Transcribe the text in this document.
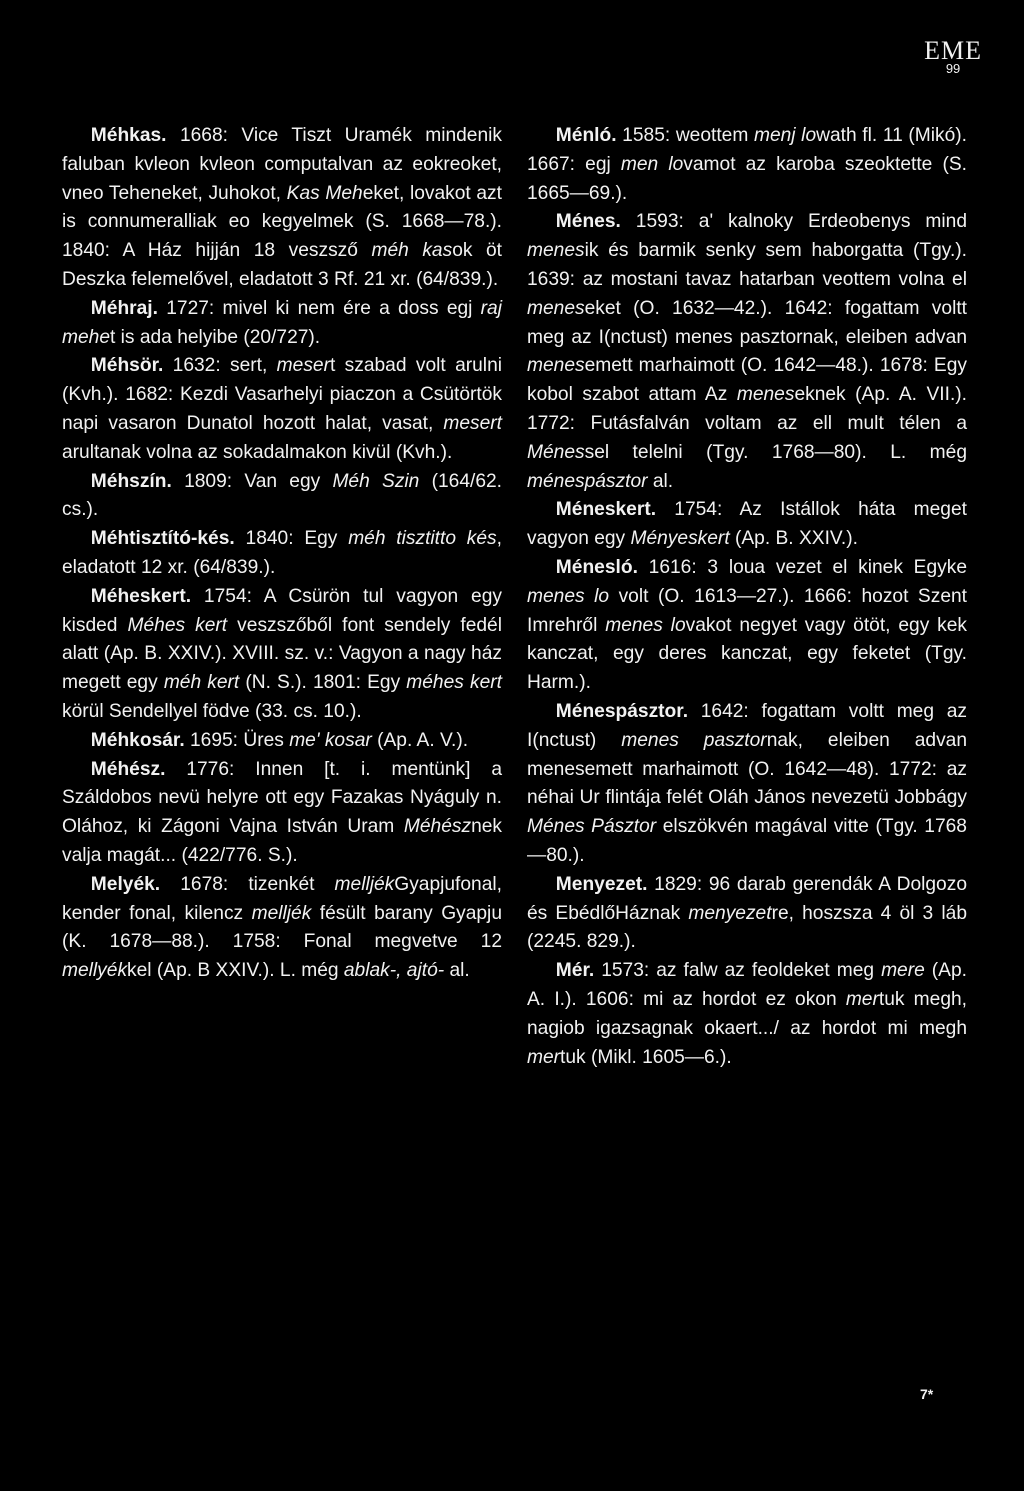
EME
99

Méhkas. 1668: Vice Tiszt Uramék mindenik faluban kvleon kvleon computalvan az eokreoket, vneo Teheneket, Juhokot, Kas Meheket, lovakot azt is connumeralliak eo kegyelmek (S. 1668—78.). 1840: A Ház hijján 18 veszsző méh kasok öt Deszka felemelővel, eladatott 3 Rf. 21 xr. (64/839.).

Méhraj. 1727: mivel ki nem ére a doss egj raj mehet is ada helyibe (20/727).

Méhsör. 1632: sert, mesert szabad volt arulni (Kvh.). 1682: Kezdi Vasarhelyi piaczon a Csütörtök napi vasaron Dunatol hozott halat, vasat, mesert arultanak volna az sokadalmakon kivül (Kvh.).

Méhszín. 1809: Van egy Méh Szin (164/62. cs.).

Méhtisztító-kés. 1840: Egy méh tisztitto kés, eladatott 12 xr. (64/839.).

Méheskert. 1754: A Csürön tul vagyon egy kisded Méhes kert veszszőből font sendely fedél alatt (Ap. B. XXIV.). XVIII. sz. v.: Vagyon a nagy ház megett egy méh kert (N. S.). 1801: Egy méhes kert körül Sendellyel födve (33. cs. 10.).

Méhkosár. 1695: Üres me' kosar (Ap. A. V.).

Méhész. 1776: Innen [t. i. mentünk] a Száldobos nevü helyre ott egy Fazakas Nyáguly n. Olához, ki Zágoni Vajna István Uram Méhésznek valja magát... (422/776. S.).

Melyék. 1678: tizenkét melljékGyapjufonal, kender fonal, kilencz melljék fésült barany Gyapju (K. 1678—88.). 1758: Fonal megvetve 12 mellyékkel (Ap. B XXIV.). L. még ablak-, ajtó- al.

Ménló. 1585: weottem menj lowath fl. 11 (Mikó). 1667: egj men lovamot az karoba szeoktette (S. 1665—69.).

Ménes. 1593: a' kalnoky Erdeobenys mind menesik és barmik senky sem haborgatta (Tgy.). 1639: az mostani tavaz hatarban veottem volna el meneseket (O. 1632—42.). 1642: fogattam voltt meg az I(nctust) menes pasztornak, eleiben advan menesemett marhaimott (O. 1642—48.). 1678: Egy kobol szabot attam Az meneseknek (Ap. A. VII.). 1772: Futásfalván voltam az ell mult télen a Ménessel telelni (Tgy. 1768—80). L. még ménespásztor al.

Méneskert. 1754: Az Istállok háta meget vagyon egy Ményeskert (Ap. B. XXIV.).

Ménesló. 1616: 3 loua vezet el kinek Egyke menes lo volt (O. 1613—27.). 1666: hozot Szent Imrehről menes lovakot negyet vagy ötöt, egy kek kanczat, egy deres kanczat, egy feketet (Tgy. Harm.).

Ménespásztor. 1642: fogattam voltt meg az I(nctust) menes pasztornak, eleiben advan menesemett marhaimott (O. 1642—48). 1772: az néhai Ur flintája felét Oláh János nevezetü Jobbágy Ménes Pásztor elszökvén magával vitte (Tgy. 1768—80.).

Menyezet. 1829: 96 darab gerendák A Dolgozo és EbédlőHáznak menyezetre, hoszsza 4 öl 3 láb (2245. 829.).

Mér. 1573: az falw az feoldeket meg mere (Ap. A. I.). 1606: mi az hordot ez okon mertuk megh, nagiob igazsagnak okaert.../ az hordot mi megh mertuk (Mikl. 1605—6.).

7*
